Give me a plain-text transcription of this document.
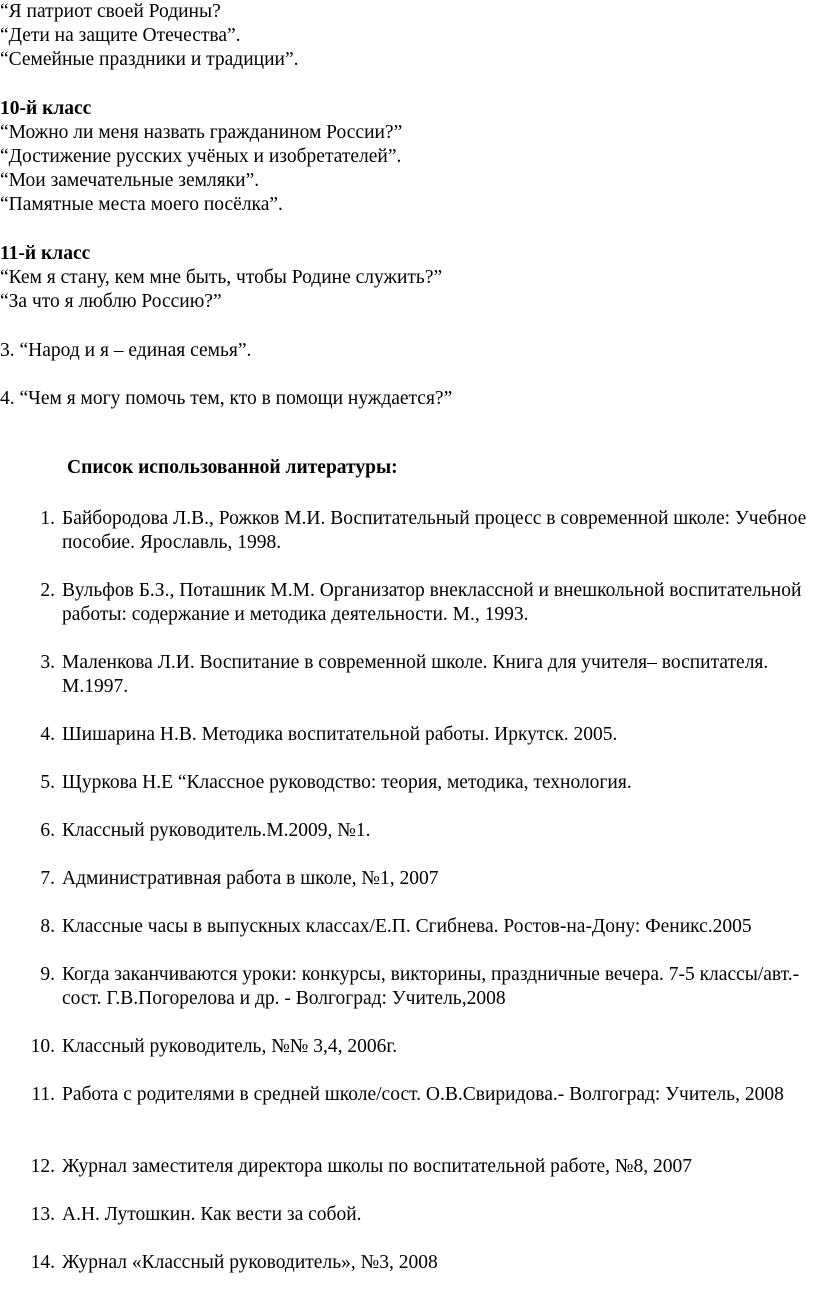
“Я патриот своей Родины?
“Дети на защите Отечества”.
“Семейные праздники и традиции”.
10-й класс
“Можно ли меня назвать гражданином России?”
“Достижение русских учёных и изобретателей”.
“Мои замечательные земляки”.
“Памятные места моего посёлка”.
11-й класс
“Кем я стану, кем мне быть, чтобы Родине служить?”
“За что я люблю Россию?”
3. “Народ и я – единая семья”.
4. “Чем я могу помочь тем, кто в помощи нуждается?”
Список использованной литературы:
1. Байбородова Л.В., Рожков М.И. Воспитательный процесс в современной школе: Учебное пособие. Ярославль, 1998.
2. Вульфов Б.З., Поташник М.М. Организатор внеклассной и внешкольной воспитательной работы: содержание и методика деятельности. М., 1993.
3. Маленкова Л.И. Воспитание в современной школе. Книга для учителя– воспитателя. М.1997.
4. Шишарина Н.В. Методика воспитательной работы. Иркутск. 2005.
5. Щуркова Н.Е “Классное руководство: теория, методика, технология.
6. Классный руководитель.М.2009, №1.
7. Административная работа в школе, №1, 2007
8. Классные часы в выпускных классах/Е.П. Сгибнева. Ростов-на-Дону: Феникс.2005
9. Когда заканчиваются уроки: конкурсы, викторины, праздничные вечера. 7-5 классы/авт.-сост. Г.В.Погорелова и др. - Волгоград: Учитель,2008
10. Классный руководитель, №№ 3,4, 2006г.
11. Работа с родителями в средней школе/сост. О.В.Свиридова.- Волгоград: Учитель, 2008
12. Журнал заместителя директора школы по воспитательной работе, №8, 2007
13. А.Н. Лутошкин. Как вести за собой.
14. Журнал «Классный руководитель», №3, 2008
